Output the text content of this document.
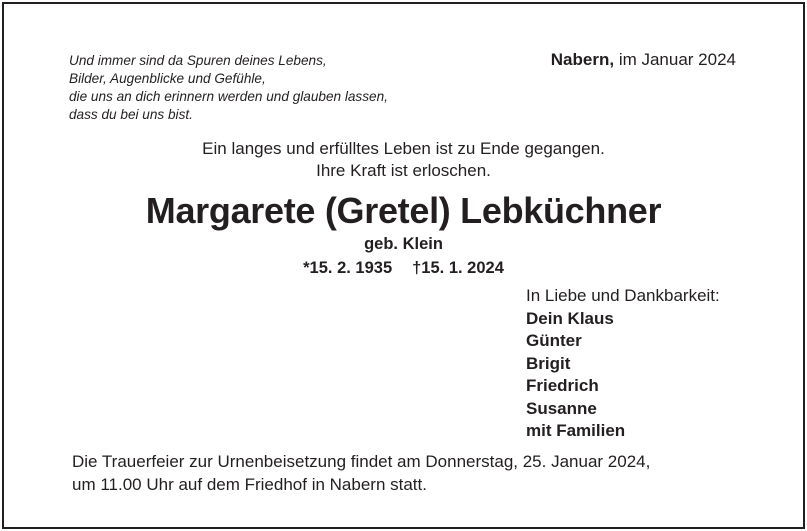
Und immer sind da Spuren deines Lebens,
Bilder, Augenblicke und Gefühle,
die uns an dich erinnern werden und glauben lassen,
dass du bei uns bist.
Nabern, im Januar 2024
Ein langes und erfülltes Leben ist zu Ende gegangen.
Ihre Kraft ist erloschen.
Margarete (Gretel) Lebküchner
geb. Klein
*15. 2. 1935 †15. 1. 2024
In Liebe und Dankbarkeit:
Dein Klaus
Günter
Brigit
Friedrich
Susanne
mit Familien
Die Trauerfeier zur Urnenbeisetzung findet am Donnerstag, 25. Januar 2024,
um 11.00 Uhr auf dem Friedhof in Nabern statt.
